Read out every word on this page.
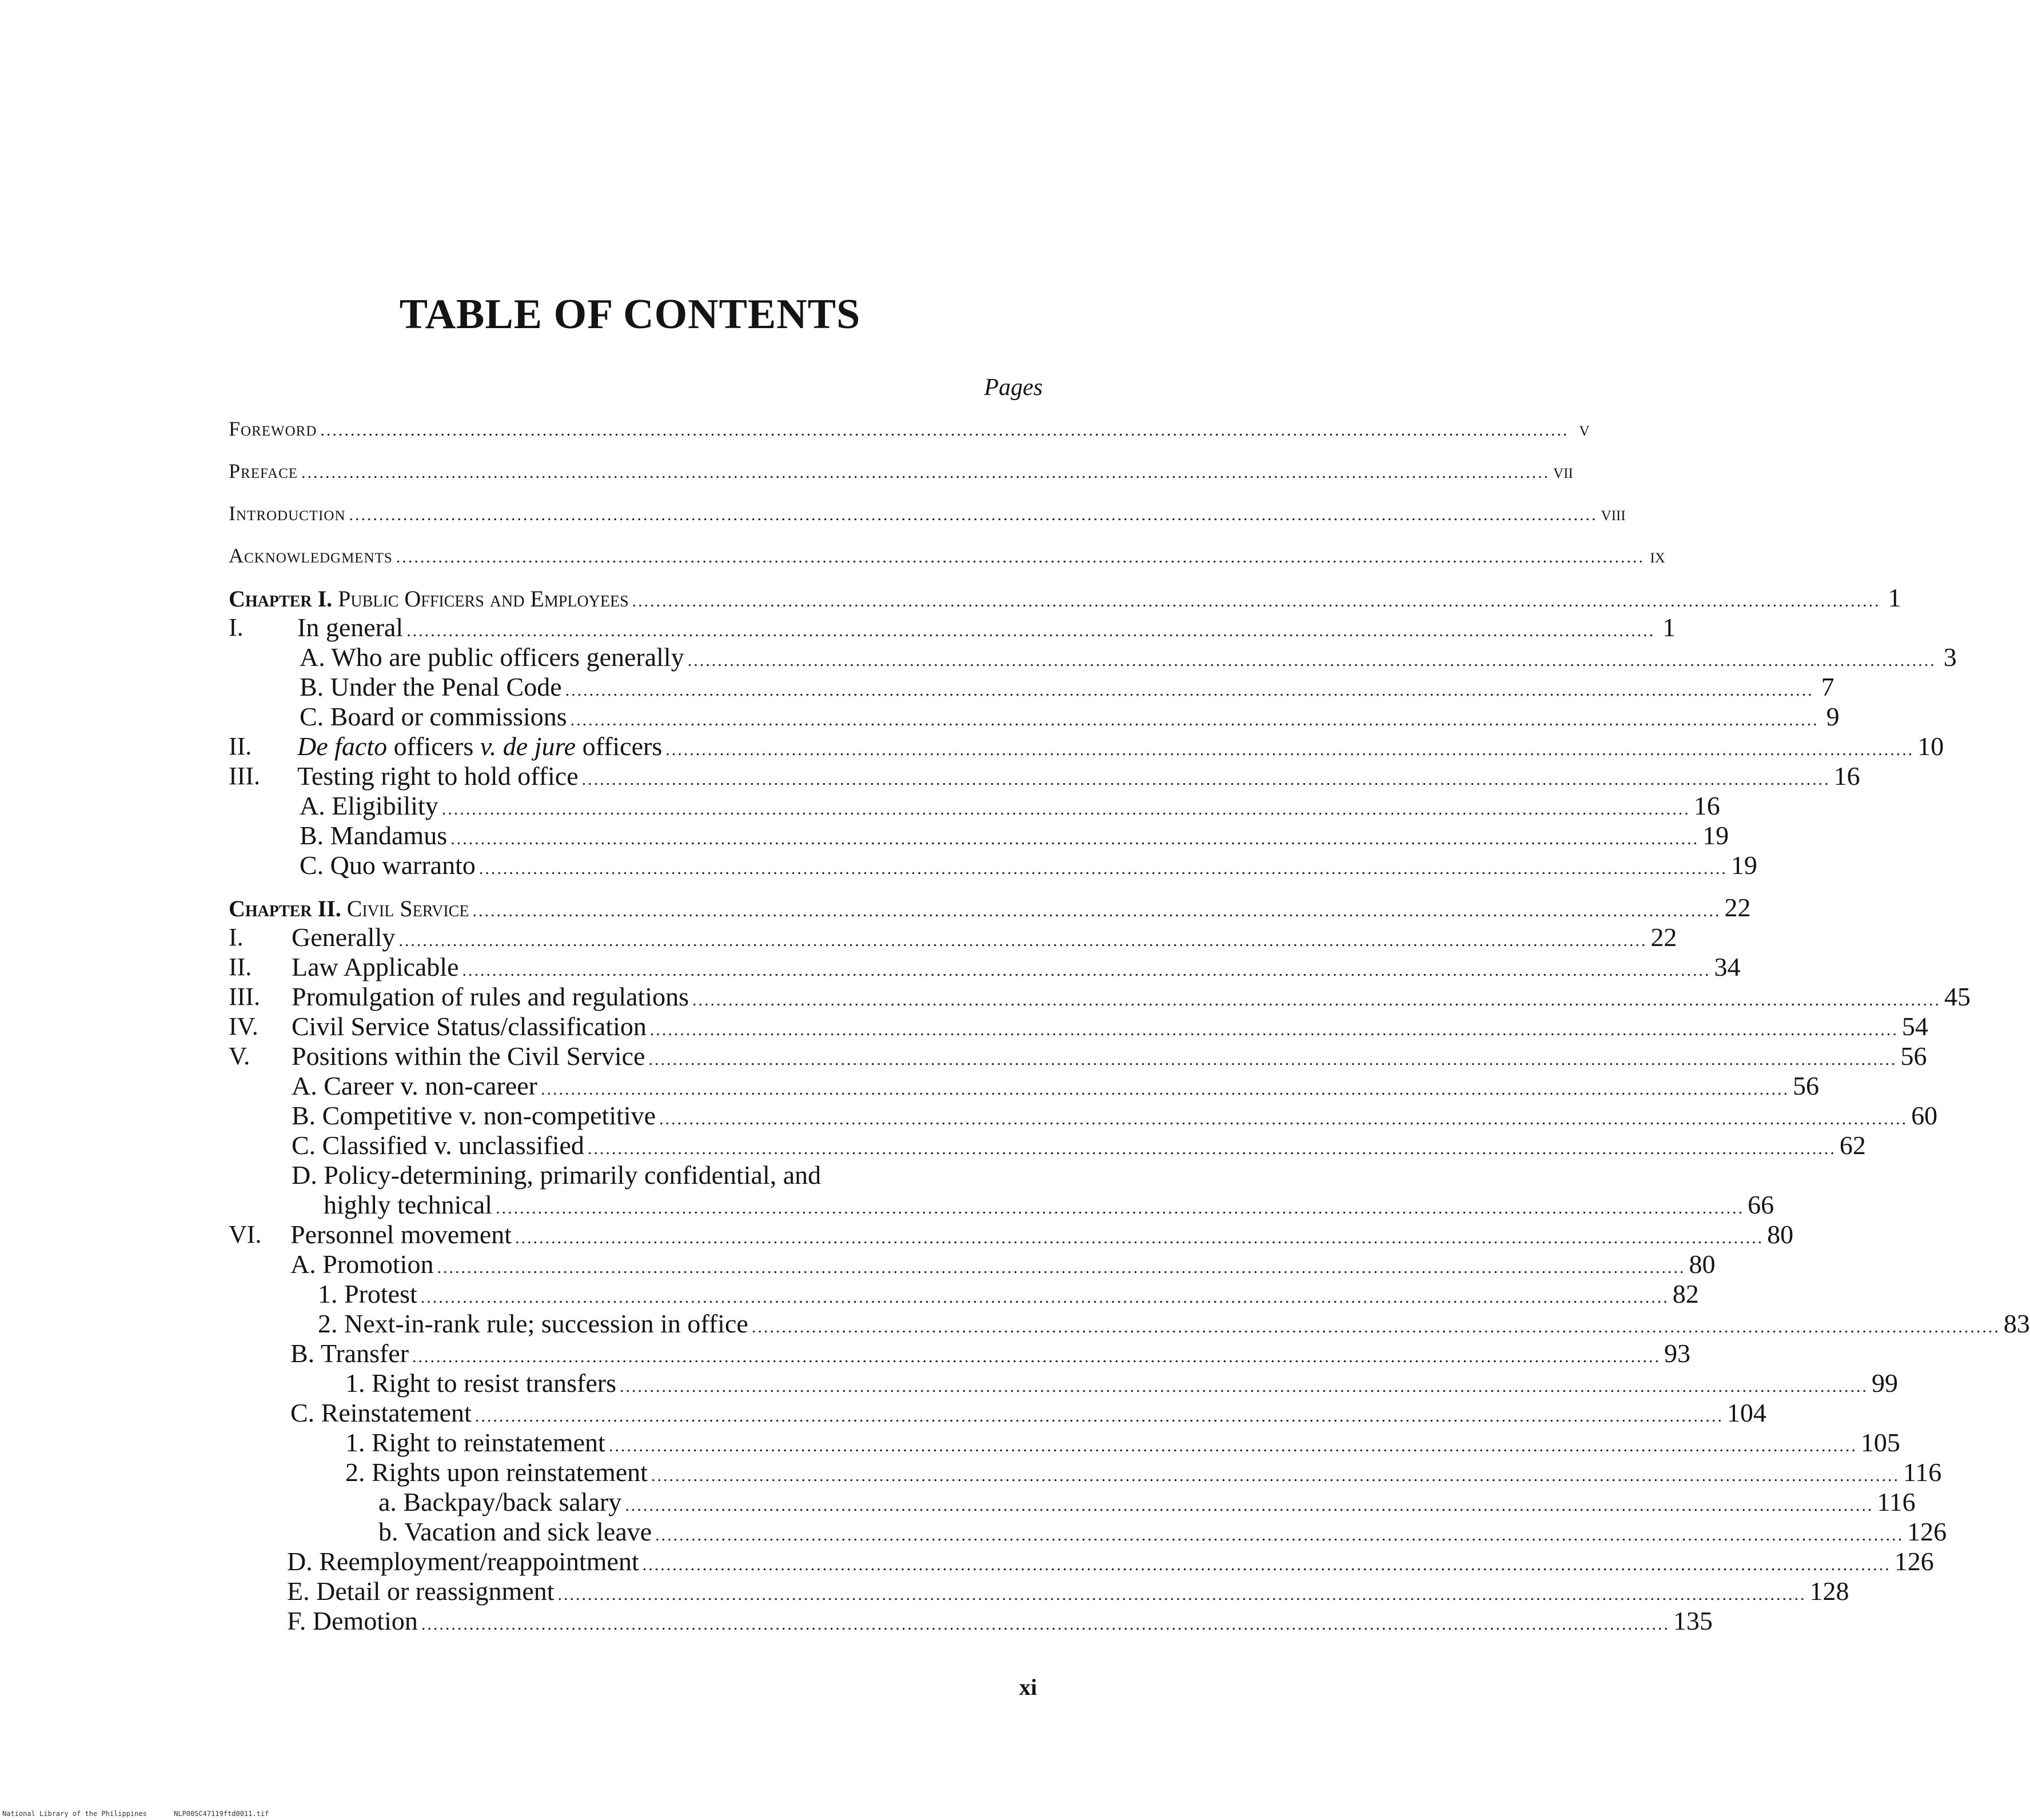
TABLE OF CONTENTS
Pages
Foreword ................................................................................................................................................................................................................ v
Preface ................................................................................................................................................................................................................ vii
Introduction ................................................................................................................................................................................................................ viii
Acknowledgments ................................................................................................................................................................................................................ ix
Chapter I. Public Officers and Employees ................................................................................................................................................................................................................ 1
I. In general ................................................................................................................................................................................................................ 1
A. Who are public officers generally ................................................................................................................................................................................................................ 3
B. Under the Penal Code ................................................................................................................................................................................................................ 7
C. Board or commissions ................................................................................................................................................................................................................ 9
II. De facto officers v. de jure officers ................................................................................................................................................................................................................ 10
III. Testing right to hold office ................................................................................................................................................................................................................ 16
A. Eligibility ................................................................................................................................................................................................................ 16
B. Mandamus ................................................................................................................................................................................................................ 19
C. Quo warranto ................................................................................................................................................................................................................ 19
Chapter II. Civil Service ................................................................................................................................................................................................................ 22
I. Generally ................................................................................................................................................................................................................ 22
II. Law Applicable ................................................................................................................................................................................................................ 34
III. Promulgation of rules and regulations ................................................................................................................................................................................................................ 45
IV. Civil Service Status/classification ................................................................................................................................................................................................................ 54
V. Positions within the Civil Service ................................................................................................................................................................................................................ 56
A. Career v. non-career ................................................................................................................................................................................................................ 56
B. Competitive v. non-competitive ................................................................................................................................................................................................................ 60
C. Classified v. unclassified ................................................................................................................................................................................................................ 62
D. Policy-determining, primarily confidential, and
highly technical ................................................................................................................................................................................................................ 66
VI. Personnel movement ................................................................................................................................................................................................................ 80
A. Promotion ................................................................................................................................................................................................................ 80
1. Protest ................................................................................................................................................................................................................ 82
2. Next-in-rank rule; succession in office ................................................................................................................................................................................................................ 83
B. Transfer ................................................................................................................................................................................................................ 93
1. Right to resist transfers ................................................................................................................................................................................................................ 99
C. Reinstatement ................................................................................................................................................................................................................ 104
1. Right to reinstatement ................................................................................................................................................................................................................ 105
2. Rights upon reinstatement ................................................................................................................................................................................................................ 116
a. Backpay/back salary ................................................................................................................................................................................................................ 116
b. Vacation and sick leave ................................................................................................................................................................................................................ 126
D. Reemployment/reappointment ................................................................................................................................................................................................................ 126
E. Detail or reassignment ................................................................................................................................................................................................................ 128
F. Demotion ................................................................................................................................................................................................................ 135
xi
National Library of the Philippines	NLP00SC47119ftd0011.tif
